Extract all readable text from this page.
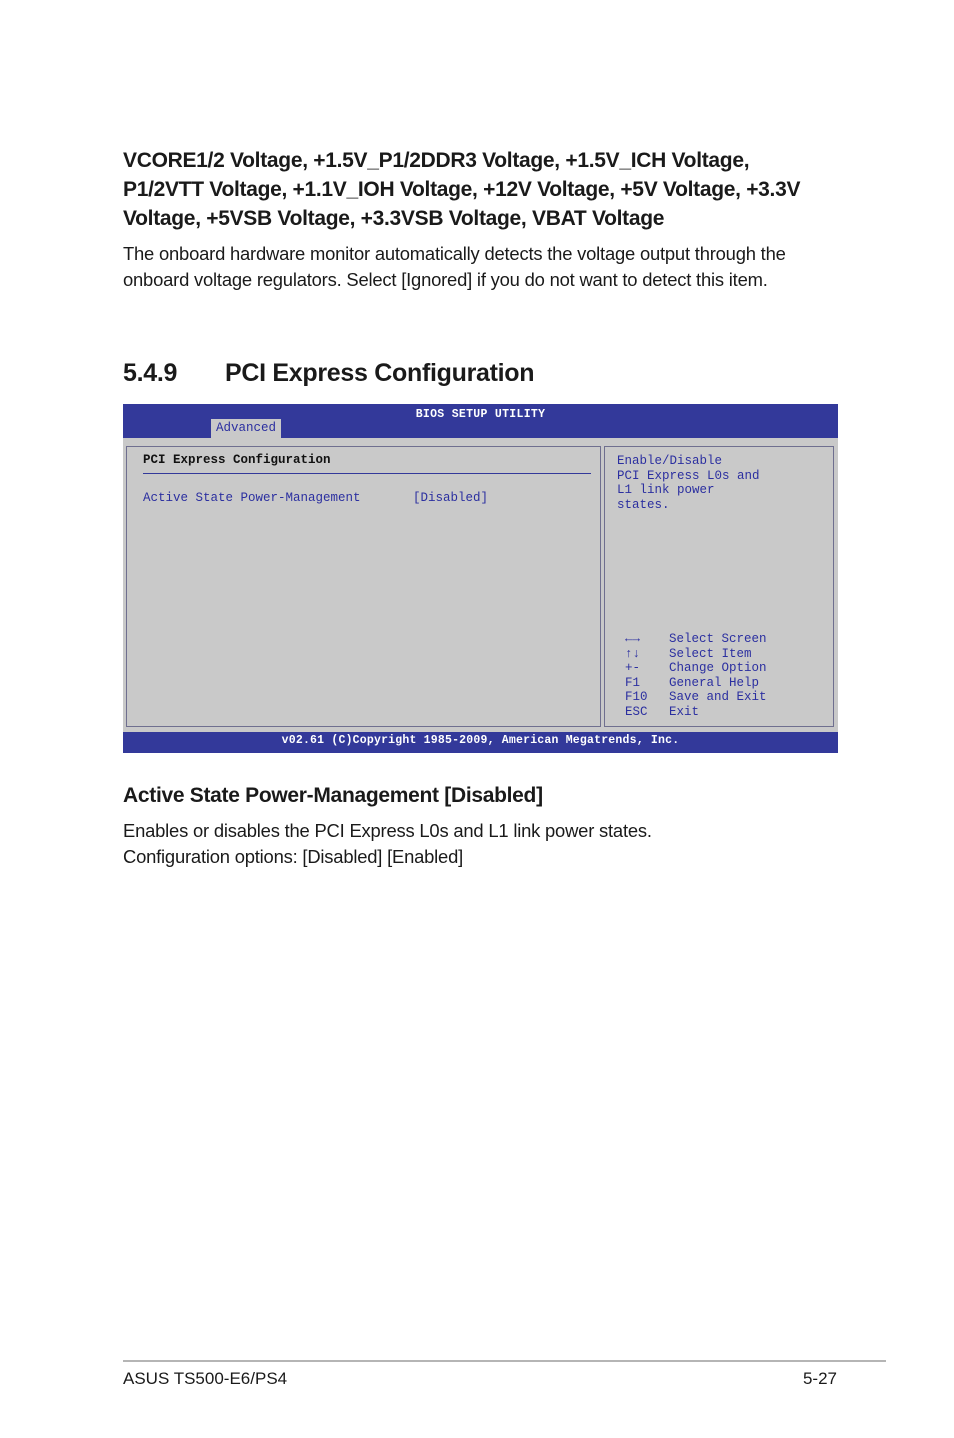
VCORE1/2 Voltage, +1.5V_P1/2DDR3 Voltage, +1.5V_ICH Voltage, P1/2VTT Voltage, +1.1V_IOH Voltage, +12V Voltage, +5V Voltage, +3.3V Voltage, +5VSB Voltage, +3.3VSB Voltage, VBAT Voltage

The onboard hardware monitor automatically detects the voltage output through the onboard voltage regulators. Select [Ignored] if you do not want to detect this item.

5.4.9 PCI Express Configuration
BIOS SETUP UTILITY
Advanced
PCI Express Configuration
Active State Power-Management	[Disabled]
Enable/Disable
PCI Express L0s and
L1 link power
states.
←→ Select Screen
↑↓ Select Item
+- Change Option
F1 General Help
F10 Save and Exit
ESC Exit
v02.61 (C)Copyright 1985-2009, American Megatrends, Inc.
Active State Power-Management [Disabled]
Enables or disables the PCI Express L0s and L1 link power states.
Configuration options: [Disabled] [Enabled]
ASUS TS500-E6/PS4	5-27
